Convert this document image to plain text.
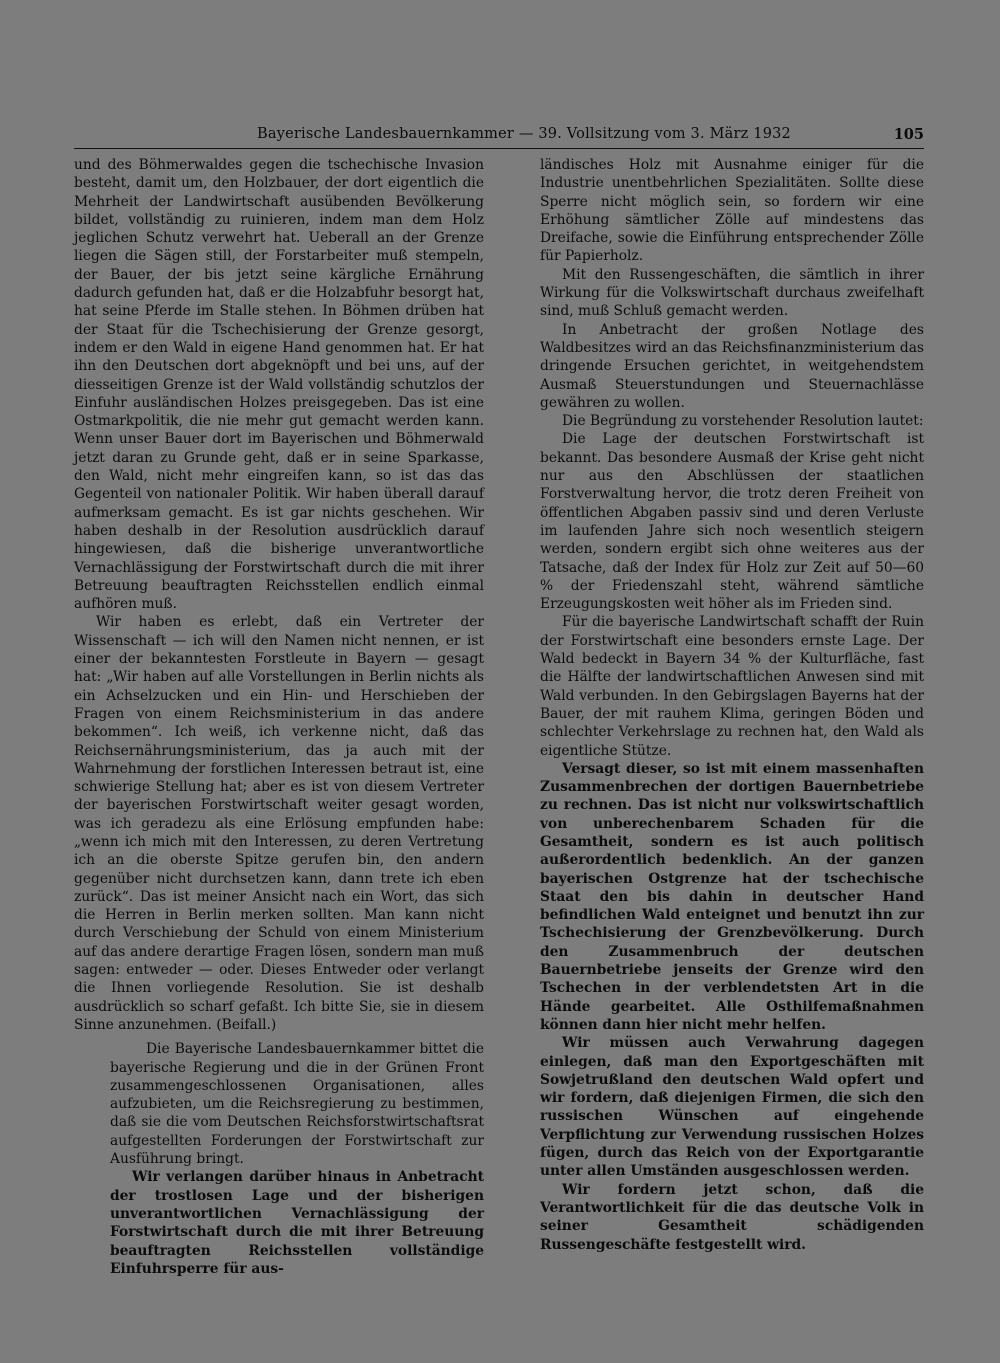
Bayerische Landesbauernkammer — 39. Vollsitzung vom 3. März 1932	105

und des Böhmerwaldes gegen die tschechische Invasion besteht, damit um, den Holzbauer, der dort eigentlich die Mehrheit der Landwirtschaft ausübenden Bevölkerung bildet, vollständig zu ruinieren, indem man dem Holz jeglichen Schutz verwehrt hat. Ueberall an der Grenze liegen die Sägen still, der Forstarbeiter muß stempeln, der Bauer, der bis jetzt seine kärgliche Ernährung dadurch gefunden hat, daß er die Holzabfuhr besorgt hat, hat seine Pferde im Stalle stehen. In Böhmen drüben hat der Staat für die Tschechisierung der Grenze gesorgt, indem er den Wald in eigene Hand genommen hat. Er hat ihn den Deutschen dort abgeknöpft und bei uns, auf der diesseitigen Grenze ist der Wald vollständig schutzlos der Einfuhr ausländischen Holzes preisgegeben. Das ist eine Ostmarkpolitik, die nie mehr gut gemacht werden kann. Wenn unser Bauer dort im Bayerischen und Böhmerwald jetzt daran zu Grunde geht, daß er in seine Sparkasse, den Wald, nicht mehr eingreifen kann, so ist das das Gegenteil von nationaler Politik. Wir haben überall darauf aufmerksam gemacht. Es ist gar nichts geschehen. Wir haben deshalb in der Resolution ausdrücklich darauf hingewiesen, daß die bisherige unverantwortliche Vernachlässigung der Forstwirtschaft durch die mit ihrer Betreuung beauftragten Reichsstellen endlich einmal aufhören muß.

Wir haben es erlebt, daß ein Vertreter der Wissenschaft — ich will den Namen nicht nennen, er ist einer der bekanntesten Forstleute in Bayern — gesagt hat: „Wir haben auf alle Vorstellungen in Berlin nichts als ein Achselzucken und ein Hin- und Herschieben der Fragen von einem Reichsministerium in das andere bekommen“. Ich weiß, ich verkenne nicht, daß das Reichsernährungsministerium, das ja auch mit der Wahrnehmung der forstlichen Interessen betraut ist, eine schwierige Stellung hat; aber es ist von diesem Vertreter der bayerischen Forstwirtschaft weiter gesagt worden, was ich geradezu als eine Erlösung empfunden habe: „wenn ich mich mit den Interessen, zu deren Vertretung ich an die oberste Spitze gerufen bin, den andern gegenüber nicht durchsetzen kann, dann trete ich eben zurück“. Das ist meiner Ansicht nach ein Wort, das sich die Herren in Berlin merken sollten. Man kann nicht durch Verschiebung der Schuld von einem Ministerium auf das andere derartige Fragen lösen, sondern man muß sagen: entweder — oder. Dieses Entweder oder verlangt die Ihnen vorliegende Resolution. Sie ist deshalb ausdrücklich so scharf gefaßt. Ich bitte Sie, sie in diesem Sinne anzunehmen. (Beifall.)

Die Bayerische Landesbauernkammer bittet die bayerische Regierung und die in der Grünen Front zusammengeschlossenen Organisationen, alles aufzubieten, um die Reichsregierung zu bestimmen, daß sie die vom Deutschen Reichsforstwirtschaftsrat aufgestellten Forderungen der Forstwirtschaft zur Ausführung bringt.

Wir verlangen darüber hinaus in Anbetracht der trostlosen Lage und der bisherigen unverantwortlichen Vernachlässigung der Forstwirtschaft durch die mit ihrer Betreuung beauftragten Reichsstellen vollständige Einfuhrsperre für aus-

ländisches Holz mit Ausnahme einiger für die Industrie unentbehrlichen Spezialitäten. Sollte diese Sperre nicht möglich sein, so fordern wir eine Erhöhung sämtlicher Zölle auf mindestens das Dreifache, sowie die Einführung entsprechender Zölle für Papierholz.

Mit den Russengeschäften, die sämtlich in ihrer Wirkung für die Volkswirtschaft durchaus zweifelhaft sind, muß Schluß gemacht werden.

In Anbetracht der großen Notlage des Waldbesitzes wird an das Reichsfinanzministerium das dringende Ersuchen gerichtet, in weitgehendstem Ausmaß Steuerstundungen und Steuernachlässe gewähren zu wollen.

Die Begründung zu vorstehender Resolution lautet:

Die Lage der deutschen Forstwirtschaft ist bekannt. Das besondere Ausmaß der Krise geht nicht nur aus den Abschlüssen der staatlichen Forstverwaltung hervor, die trotz deren Freiheit von öffentlichen Abgaben passiv sind und deren Verluste im laufenden Jahre sich noch wesentlich steigern werden, sondern ergibt sich ohne weiteres aus der Tatsache, daß der Index für Holz zur Zeit auf 50—60 % der Friedenszahl steht, während sämtliche Erzeugungskosten weit höher als im Frieden sind.

Für die bayerische Landwirtschaft schafft der Ruin der Forstwirtschaft eine besonders ernste Lage. Der Wald bedeckt in Bayern 34 % der Kulturfläche, fast die Hälfte der landwirtschaftlichen Anwesen sind mit Wald verbunden. In den Gebirgslagen Bayerns hat der Bauer, der mit rauhem Klima, geringen Böden und schlechter Verkehrslage zu rechnen hat, den Wald als eigentliche Stütze.

Versagt dieser, so ist mit einem massenhaften Zusammenbrechen der dortigen Bauernbetriebe zu rechnen. Das ist nicht nur volkswirtschaftlich von unberechenbarem Schaden für die Gesamtheit, sondern es ist auch politisch außerordentlich bedenklich. An der ganzen bayerischen Ostgrenze hat der tschechische Staat den bis dahin in deutscher Hand befindlichen Wald enteignet und benutzt ihn zur Tschechisierung der Grenzbevölkerung. Durch den Zusammenbruch der deutschen Bauernbetriebe jenseits der Grenze wird den Tschechen in der verblendetsten Art in die Hände gearbeitet. Alle Osthilfemaßnahmen können dann hier nicht mehr helfen.

Wir müssen auch Verwahrung dagegen einlegen, daß man den Exportgeschäften mit Sowjetrußland den deutschen Wald opfert und wir fordern, daß diejenigen Firmen, die sich den russischen Wünschen auf eingehende Verpflichtung zur Verwendung russischen Holzes fügen, durch das Reich von der Exportgarantie unter allen Umständen ausgeschlossen werden.

Wir fordern jetzt schon, daß die Verantwortlichkeit für die das deutsche Volk in seiner Gesamtheit schädigenden Russengeschäfte festgestellt wird.
